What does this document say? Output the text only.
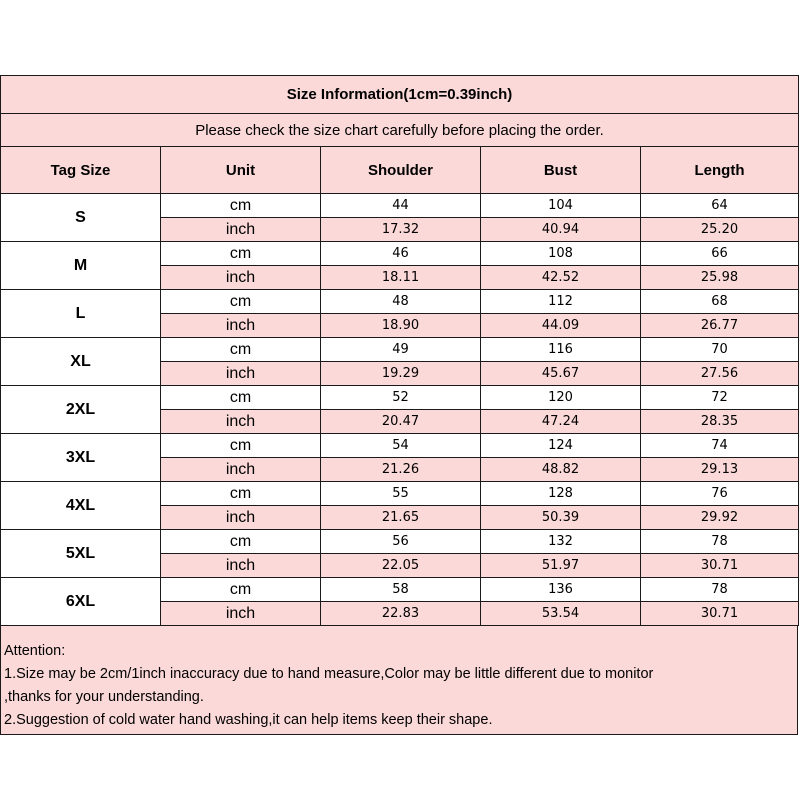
Size Information(1cm=0.39inch)				
Please check the size chart carefully before placing the order.				
Tag Size	Unit	Shoulder	Bust	Length
S	cm	44	104	64
	inch	17.32	40.94	25.20
M	cm	46	108	66
	inch	18.11	42.52	25.98
L	cm	48	112	68
	inch	18.90	44.09	26.77
XL	cm	49	116	70
	inch	19.29	45.67	27.56
2XL	cm	52	120	72
	inch	20.47	47.24	28.35
3XL	cm	54	124	74
	inch	21.26	48.82	29.13
4XL	cm	55	128	76
	inch	21.65	50.39	29.92
5XL	cm	56	132	78
	inch	22.05	51.97	30.71
6XL	cm	58	136	78
	inch	22.83	53.54	30.71
Attention:
1.Size may be 2cm/1inch inaccuracy due to hand measure,Color may be little different due to monitor
,thanks for your understanding.
2.Suggestion of cold water hand washing,it can help items keep their shape.
